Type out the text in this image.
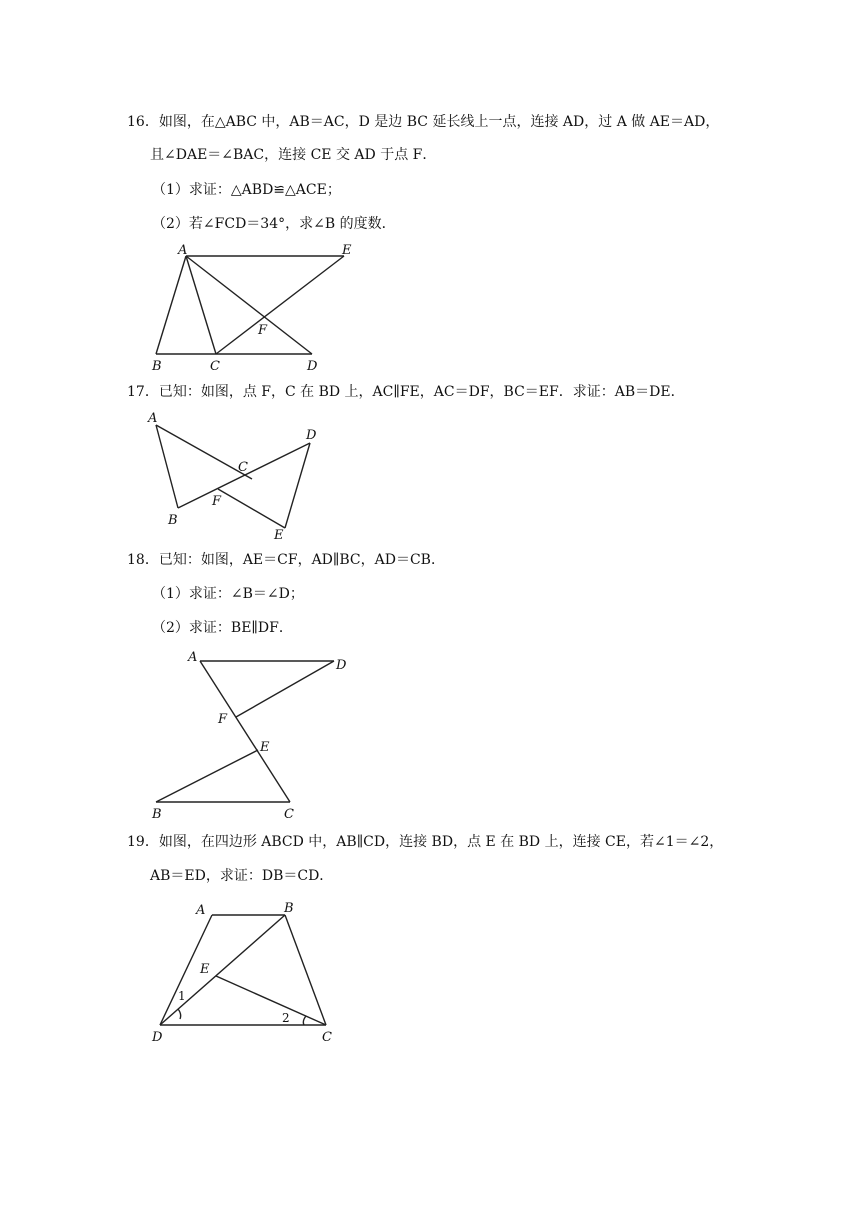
16．如图，在△ABC 中，AB＝AC，D 是边 BC 延长线上一点，连接 AD，过 A 做 AE＝AD，
且∠DAE＝∠BAC，连接 CE 交 AD 于点 F．
（1）求证：△ABD≌△ACE；
（2）若∠FCD＝34°，求∠B 的度数．
A	E
F
B	C	D
17．已知：如图，点 F，C 在 BD 上，AC∥FE，AC＝DF，BC＝EF．求证：AB＝DE．
A
D
C
F
B
E
18．已知：如图，AE＝CF，AD∥BC，AD＝CB．
（1）求证：∠B＝∠D；
（2）求证：BE∥DF．
A
D
F
E
B	C
19．如图，在四边形 ABCD 中，AB∥CD，连接 BD，点 E 在 BD 上，连接 CE，若∠1＝∠2，
AB＝ED，求证：DB＝CD．
A	B
E
1
2
D	C
